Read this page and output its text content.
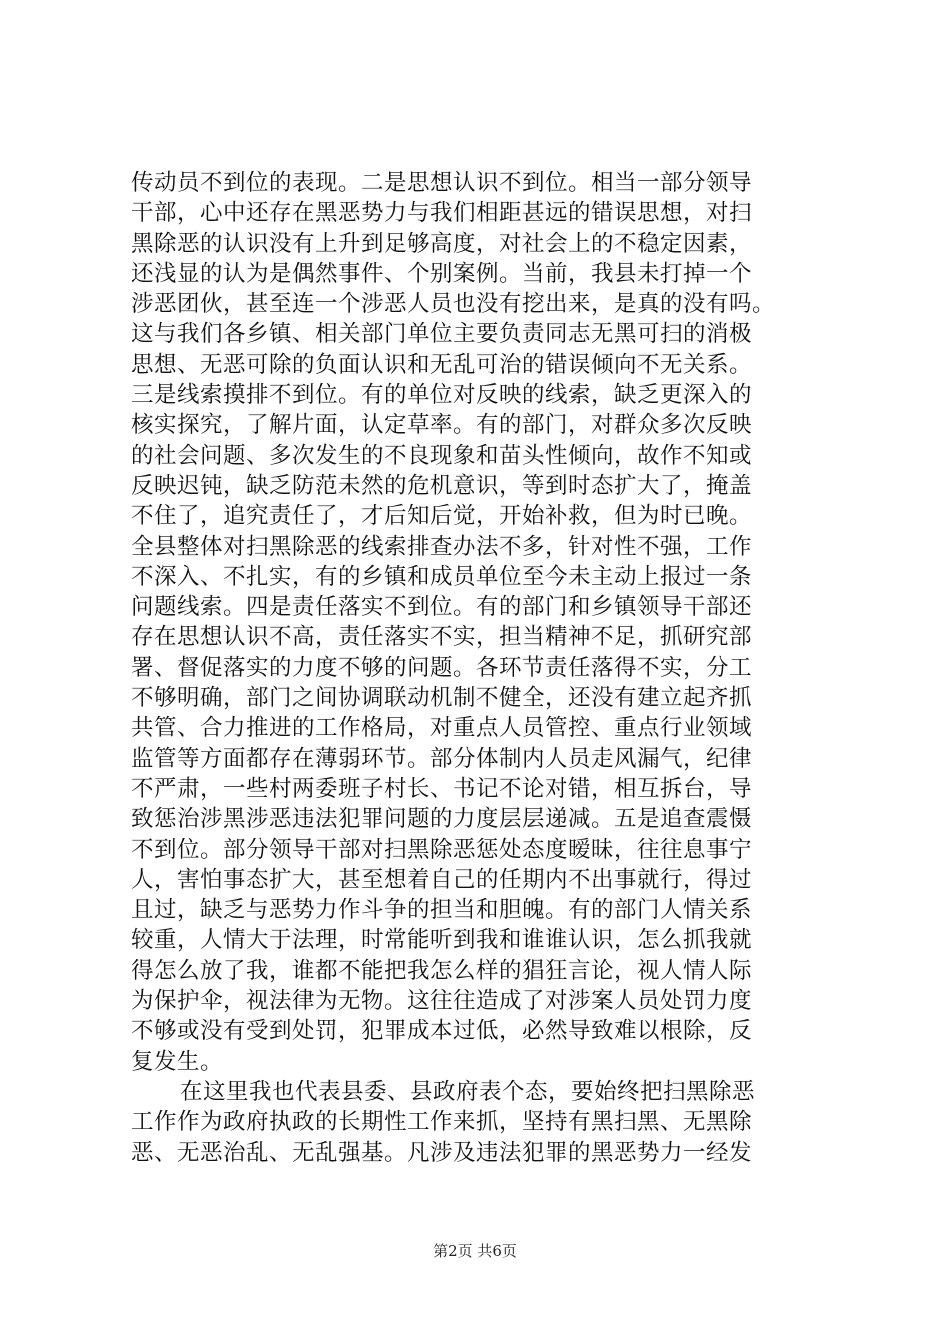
传动员不到位的表现。二是思想认识不到位。相当一部分领导
干部，心中还存在黑恶势力与我们相距甚远的错误思想，对扫
黑除恶的认识没有上升到足够高度，对社会上的不稳定因素，
还浅显的认为是偶然事件、个别案例。当前，我县未打掉一个
涉恶团伙，甚至连一个涉恶人员也没有挖出来，是真的没有吗。
这与我们各乡镇、相关部门单位主要负责同志无黑可扫的消极
思想、无恶可除的负面认识和无乱可治的错误倾向不无关系。
三是线索摸排不到位。有的单位对反映的线索，缺乏更深入的
核实探究，了解片面，认定草率。有的部门，对群众多次反映
的社会问题、多次发生的不良现象和苗头性倾向，故作不知或
反映迟钝，缺乏防范未然的危机意识，等到时态扩大了，掩盖
不住了，追究责任了，才后知后觉，开始补救，但为时已晚。
全县整体对扫黑除恶的线索排查办法不多，针对性不强，工作
不深入、不扎实，有的乡镇和成员单位至今未主动上报过一条
问题线索。四是责任落实不到位。有的部门和乡镇领导干部还
存在思想认识不高，责任落实不实，担当精神不足，抓研究部
署、督促落实的力度不够的问题。各环节责任落得不实，分工
不够明确，部门之间协调联动机制不健全，还没有建立起齐抓
共管、合力推进的工作格局，对重点人员管控、重点行业领域
监管等方面都存在薄弱环节。部分体制内人员走风漏气，纪律
不严肃，一些村两委班子村长、书记不论对错，相互拆台，导
致惩治涉黑涉恶违法犯罪问题的力度层层递减。五是追查震慑
不到位。部分领导干部对扫黑除恶惩处态度暧昧，往往息事宁
人，害怕事态扩大，甚至想着自己的任期内不出事就行，得过
且过，缺乏与恶势力作斗争的担当和胆魄。有的部门人情关系
较重，人情大于法理，时常能听到我和谁谁认识，怎么抓我就
得怎么放了我，谁都不能把我怎么样的猖狂言论，视人情人际
为保护伞，视法律为无物。这往往造成了对涉案人员处罚力度
不够或没有受到处罚，犯罪成本过低，必然导致难以根除，反
复发生。
在这里我也代表县委、县政府表个态，要始终把扫黑除恶
工作作为政府执政的长期性工作来抓，坚持有黑扫黑、无黑除
恶、无恶治乱、无乱强基。凡涉及违法犯罪的黑恶势力一经发
第2页 共6页
